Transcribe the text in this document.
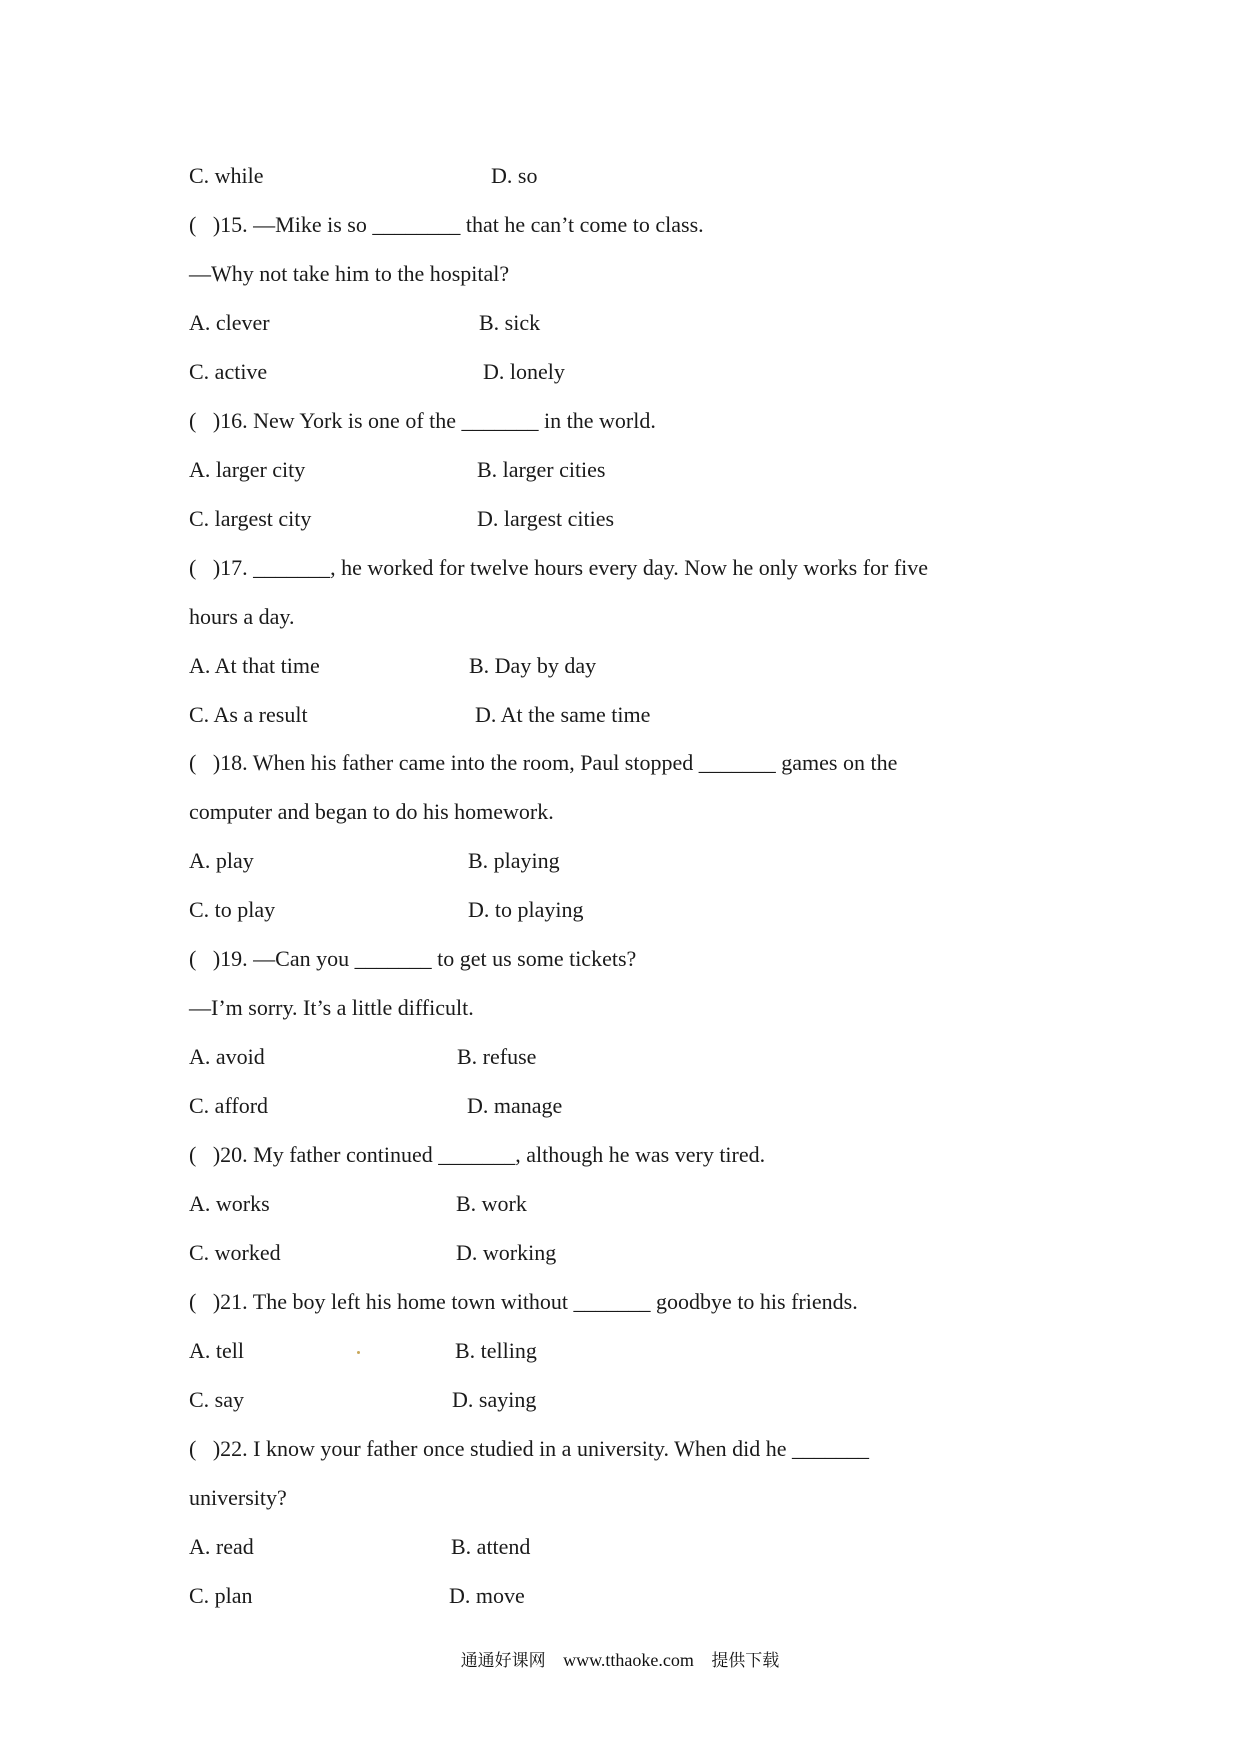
C. while	D. so
(   )15. —Mike is so ________ that he can’t come to class.
—Why not take him to the hospital?
A. clever	B. sick
C. active	D. lonely
(   )16. New York is one of the _______ in the world.
A. larger city	B. larger cities
C. largest city	D. largest cities
(   )17. _______, he worked for twelve hours every day. Now he only works for five
hours a day.
A. At that time	B. Day by day
C. As a result	D. At the same time
(   )18. When his father came into the room, Paul stopped _______ games on the
computer and began to do his homework.
A. play	B. playing
C. to play	D. to playing
(   )19. —Can you _______ to get us some tickets?
—I’m sorry. It’s a little difficult.
A. avoid	B. refuse
C. afford	D. manage
(   )20. My father continued _______, although he was very tired.
A. works	B. work
C. worked	D. working
(   )21. The boy left his home town without _______ goodbye to his friends.
A. tell	B. telling
C. say	D. saying
(   )22. I know your father once studied in a university. When did he _______
university?
A. read	B. attend
C. plan	D. move
通通好课网 www.tthaoke.com 提供下载
